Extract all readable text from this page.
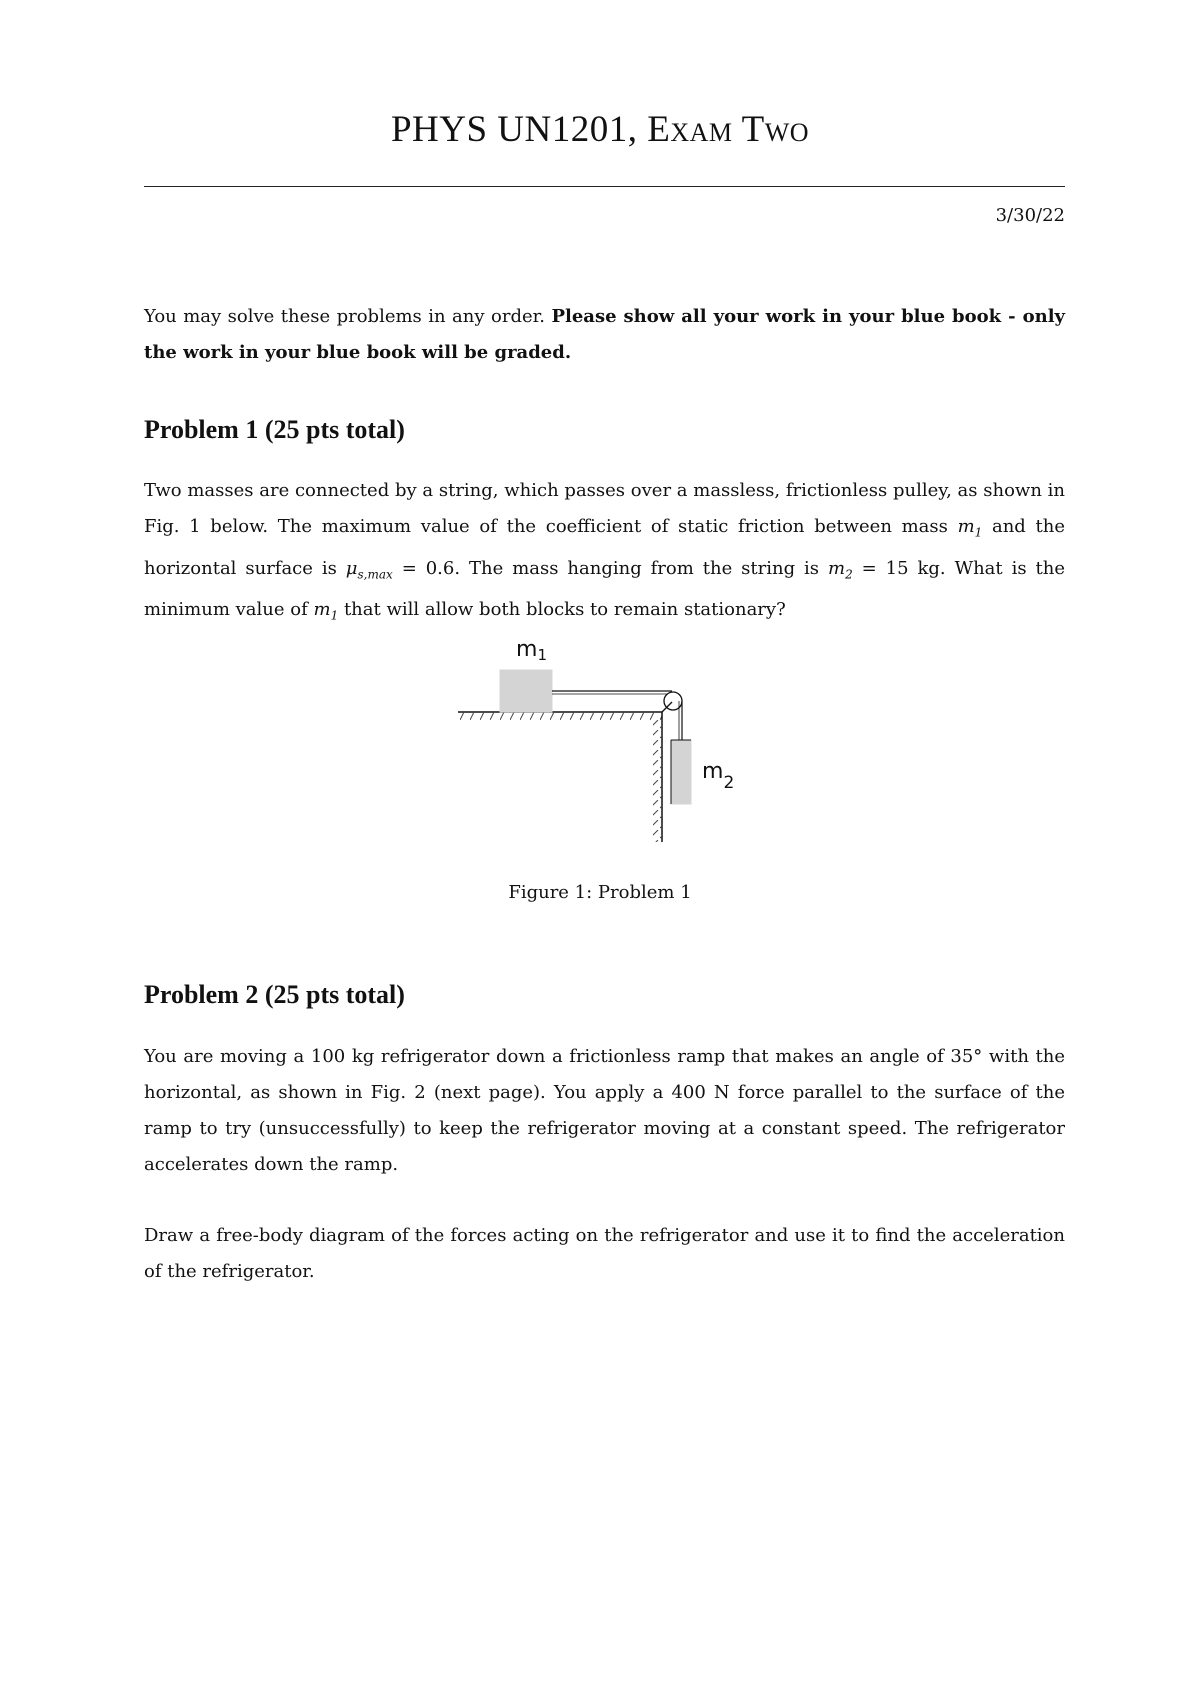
PHYS UN1201, Exam Two
3/30/22
You may solve these problems in any order. Please show all your work in your blue book - only the work in your blue book will be graded.
Problem 1 (25 pts total)
Two masses are connected by a string, which passes over a massless, frictionless pulley, as shown in Fig. 1 below. The maximum value of the coefficient of static friction between mass $m_1$ and the horizontal surface is $\mu_{s,max} = 0.6$. The mass hanging from the string is $m_2 = 15$ kg. What is the minimum value of $m_1$ that will allow both blocks to remain stationary?
m1
$m_2$
Figure 1: Problem 1
Problem 2 (25 pts total)
You are moving a 100 kg refrigerator down a frictionless ramp that makes an angle of 35° with the horizontal, as shown in Fig. 2 (next page). You apply a 400 N force parallel to the surface of the ramp to try (unsuccessfully) to keep the refrigerator moving at a constant speed. The refrigerator accelerates down the ramp.
Draw a free-body diagram of the forces acting on the refrigerator and use it to find the acceleration of the refrigerator.
